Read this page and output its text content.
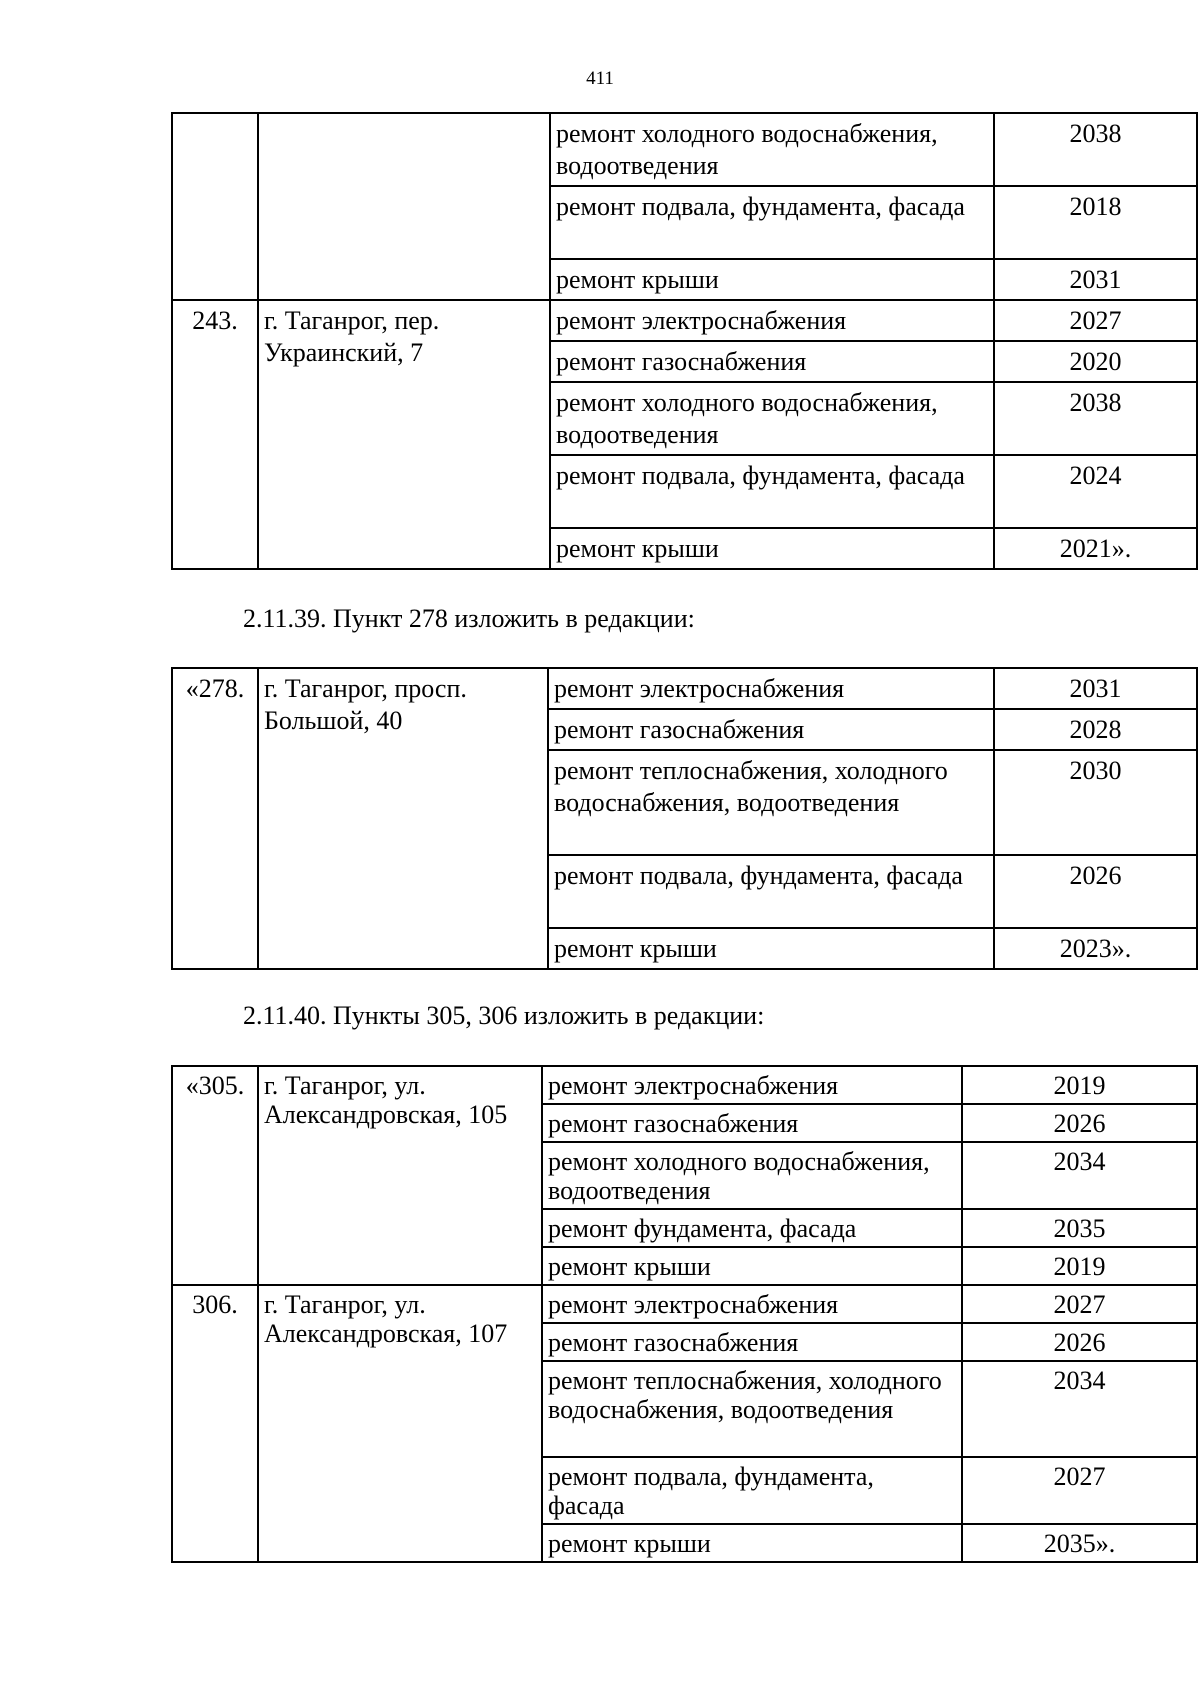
411
		ремонт холодного водоснабжения, водоотведения	2038
		ремонт подвала, фундамента, фасада	2018
		ремонт крыши	2031
243.	г. Таганрог, пер. Украинский, 7	ремонт электроснабжения	2027
		ремонт газоснабжения	2020
		ремонт холодного водоснабжения, водоотведения	2038
		ремонт подвала, фундамента, фасада	2024
		ремонт крыши	2021».
2.11.39. Пункт 278 изложить в редакции:
«278.	г. Таганрог, просп. Большой, 40	ремонт электроснабжения	2031
		ремонт газоснабжения	2028
		ремонт теплоснабжения, холодного водоснабжения, водоотведения	2030
		ремонт подвала, фундамента, фасада	2026
		ремонт крыши	2023».
2.11.40. Пункты 305, 306 изложить в редакции:
«305.	г. Таганрог, ул. Александровская, 105	ремонт электроснабжения	2019
		ремонт газоснабжения	2026
		ремонт холодного водоснабжения, водоотведения	2034
		ремонт фундамента, фасада	2035
		ремонт крыши	2019
306.	г. Таганрог, ул. Александровская, 107	ремонт электроснабжения	2027
		ремонт газоснабжения	2026
		ремонт теплоснабжения, холодного водоснабжения, водоотведения	2034
		ремонт подвала, фундамента, фасада	2027
		ремонт крыши	2035».
